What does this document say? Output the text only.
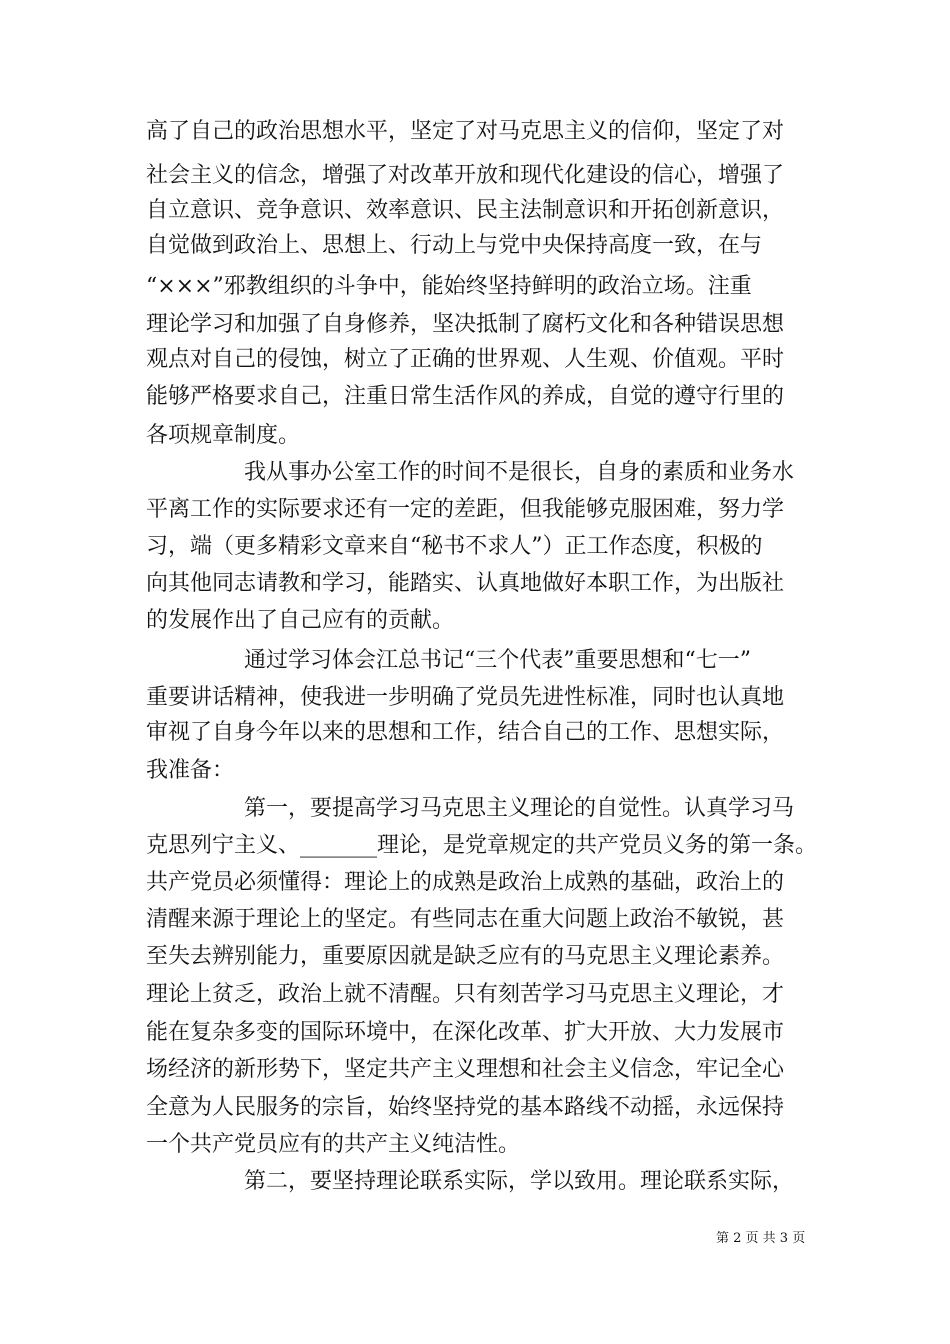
高了自己的政治思想水平，坚定了对马克思主义的信仰，坚定了对
社会主义的信念，增强了对改革开放和现代化建设的信心，增强了
自立意识、竞争意识、效率意识、民主法制意识和开拓创新意识，
自觉做到政治上、思想上、行动上与党中央保持高度一致，在与
“×××”邪教组织的斗争中，能始终坚持鲜明的政治立场。注重
理论学习和加强了自身修养，坚决抵制了腐朽文化和各种错误思想
观点对自己的侵蚀，树立了正确的世界观、人生观、价值观。平时
能够严格要求自己，注重日常生活作风的养成，自觉的遵守行里的
各项规章制度。
我从事办公室工作的时间不是很长，自身的素质和业务水
平离工作的实际要求还有一定的差距，但我能够克服困难，努力学
习，端（更多精彩文章来自“秘书不求人”）正工作态度，积极的
向其他同志请教和学习，能踏实、认真地做好本职工作，为出版社
的发展作出了自己应有的贡献。
通过学习体会江总书记“三个代表”重要思想和“七一”
重要讲话精神，使我进一步明确了党员先进性标准，同时也认真地
审视了自身今年以来的思想和工作，结合自己的工作、思想实际，
我准备：
第一，要提高学习马克思主义理论的自觉性。认真学习马
克思列宁主义、_______理论，是党章规定的共产党员义务的第一条。
共产党员必须懂得：理论上的成熟是政治上成熟的基础，政治上的
清醒来源于理论上的坚定。有些同志在重大问题上政治不敏锐，甚
至失去辨别能力，重要原因就是缺乏应有的马克思主义理论素养。
理论上贫乏，政治上就不清醒。只有刻苦学习马克思主义理论，才
能在复杂多变的国际环境中，在深化改革、扩大开放、大力发展市
场经济的新形势下，坚定共产主义理想和社会主义信念，牢记全心
全意为人民服务的宗旨，始终坚持党的基本路线不动摇，永远保持
一个共产党员应有的共产主义纯洁性。
第二，要坚持理论联系实际，学以致用。理论联系实际，
第 2 页 共 3 页
